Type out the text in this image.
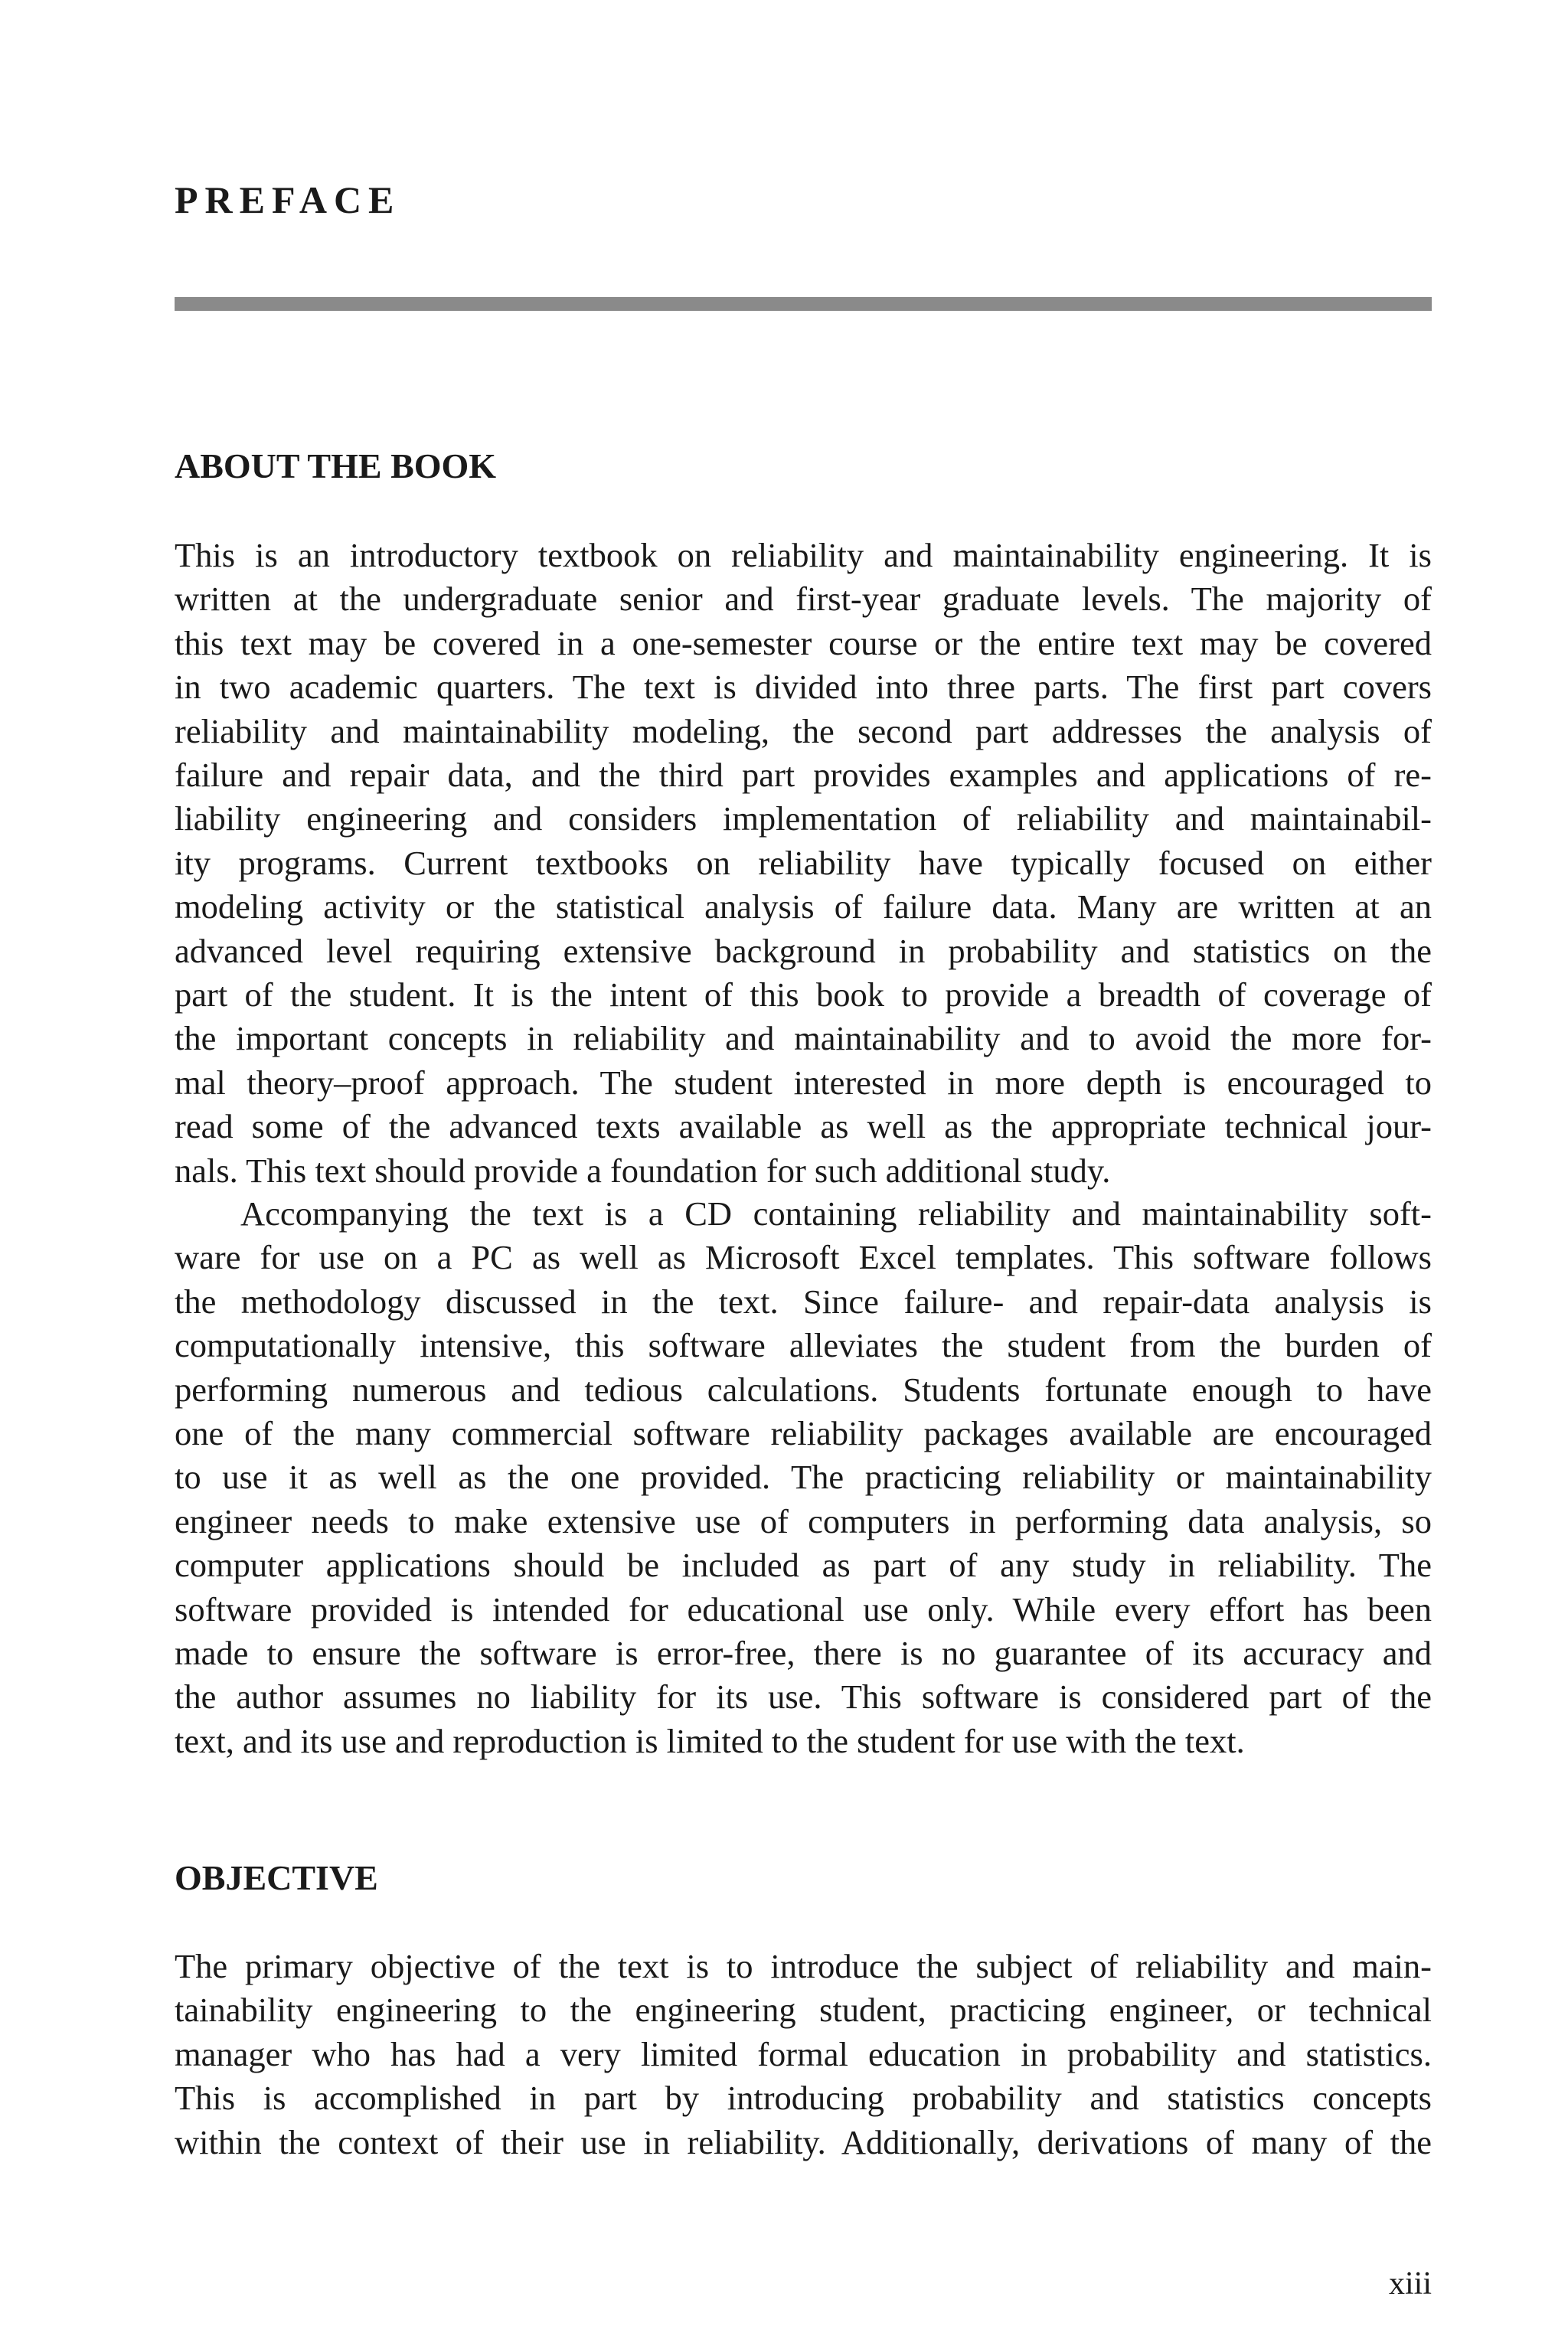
PREFACE
ABOUT THE BOOK

This is an introductory textbook on reliability and maintainability engineering. It is
written at the undergraduate senior and first-year graduate levels. The majority of
this text may be covered in a one-semester course or the entire text may be covered
in two academic quarters. The text is divided into three parts. The first part covers
reliability and maintainability modeling, the second part addresses the analysis of
failure and repair data, and the third part provides examples and applications of re-
liability engineering and considers implementation of reliability and maintainabil-
ity programs. Current textbooks on reliability have typically focused on either
modeling activity or the statistical analysis of failure data. Many are written at an
advanced level requiring extensive background in probability and statistics on the
part of the student. It is the intent of this book to provide a breadth of coverage of
the important concepts in reliability and maintainability and to avoid the more for-
mal theory–proof approach. The student interested in more depth is encouraged to
read some of the advanced texts available as well as the appropriate technical jour-
nals. This text should provide a foundation for such additional study.

Accompanying the text is a CD containing reliability and maintainability soft-
ware for use on a PC as well as Microsoft Excel templates. This software follows
the methodology discussed in the text. Since failure- and repair-data analysis is
computationally intensive, this software alleviates the student from the burden of
performing numerous and tedious calculations. Students fortunate enough to have
one of the many commercial software reliability packages available are encouraged
to use it as well as the one provided. The practicing reliability or maintainability
engineer needs to make extensive use of computers in performing data analysis, so
computer applications should be included as part of any study in reliability. The
software provided is intended for educational use only. While every effort has been
made to ensure the software is error-free, there is no guarantee of its accuracy and
the author assumes no liability for its use. This software is considered part of the
text, and its use and reproduction is limited to the student for use with the text.

OBJECTIVE

The primary objective of the text is to introduce the subject of reliability and main-
tainability engineering to the engineering student, practicing engineer, or technical
manager who has had a very limited formal education in probability and statistics.
This is accomplished in part by introducing probability and statistics concepts
within the context of their use in reliability. Additionally, derivations of many of the

xiii
